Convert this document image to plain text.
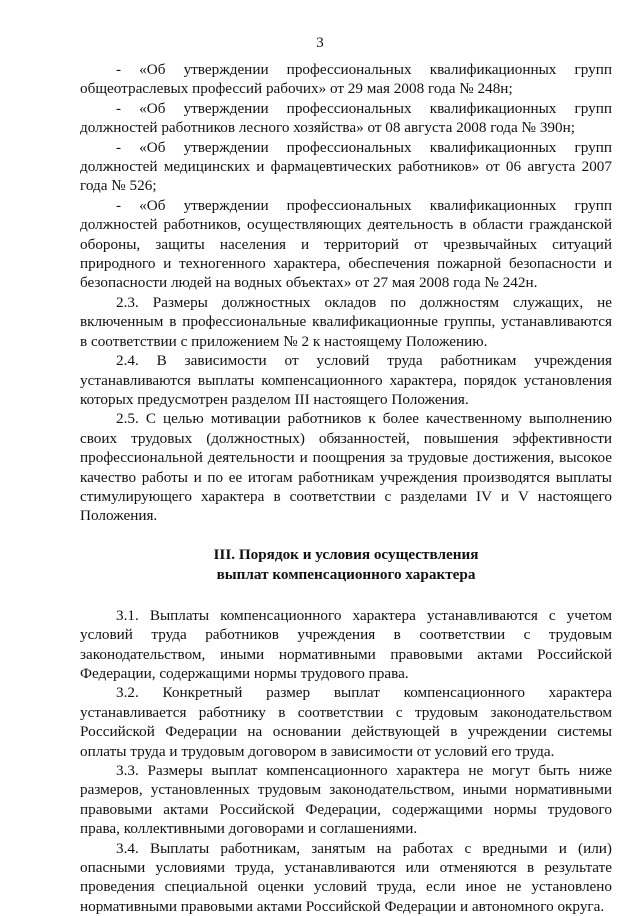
3

- «Об утверждении профессиональных квалификационных групп общеотраслевых профессий рабочих» от 29 мая 2008 года № 248н;

- «Об утверждении профессиональных квалификационных групп должностей работников лесного хозяйства» от 08 августа 2008 года № 390н;

- «Об утверждении профессиональных квалификационных групп должностей медицинских и фармацевтических работников» от 06 августа 2007 года № 526;

- «Об утверждении профессиональных квалификационных групп должностей работников, осуществляющих деятельность в области гражданской обороны, защиты населения и территорий от чрезвычайных ситуаций природного и техногенного характера, обеспечения пожарной безопасности и безопасности людей на водных объектах» от 27 мая 2008 года № 242н.

2.3. Размеры должностных окладов по должностям служащих, не включенным в профессиональные квалификационные группы, устанавливаются в соответствии с приложением № 2 к настоящему Положению.

2.4. В зависимости от условий труда работникам учреждения устанавливаются выплаты компенсационного характера, порядок установления которых предусмотрен разделом III настоящего Положения.

2.5. С целью мотивации работников к более качественному выполнению своих трудовых (должностных) обязанностей, повышения эффективности профессиональной деятельности и поощрения за трудовые достижения, высокое качество работы и по ее итогам работникам учреждения производятся выплаты стимулирующего характера в соответствии с разделами IV и V настоящего Положения.

III. Порядок и условия осуществления
выплат компенсационного характера

3.1. Выплаты компенсационного характера устанавливаются с учетом условий труда работников учреждения в соответствии с трудовым законодательством, иными нормативными правовыми актами Российской Федерации, содержащими нормы трудового права.

3.2. Конкретный размер выплат компенсационного характера устанавливается работнику в соответствии с трудовым законодательством Российской Федерации на основании действующей в учреждении системы оплаты труда и трудовым договором в зависимости от условий его труда.

3.3. Размеры выплат компенсационного характера не могут быть ниже размеров, установленных трудовым законодательством, иными нормативными правовыми актами Российской Федерации, содержащими нормы трудового права, коллективными договорами и соглашениями.

3.4. Выплаты работникам, занятым на работах с вредными и (или) опасными условиями труда, устанавливаются или отменяются в результате проведения специальной оценки условий труда, если иное не установлено нормативными правовыми актами Российской Федерации и автономного округа.
